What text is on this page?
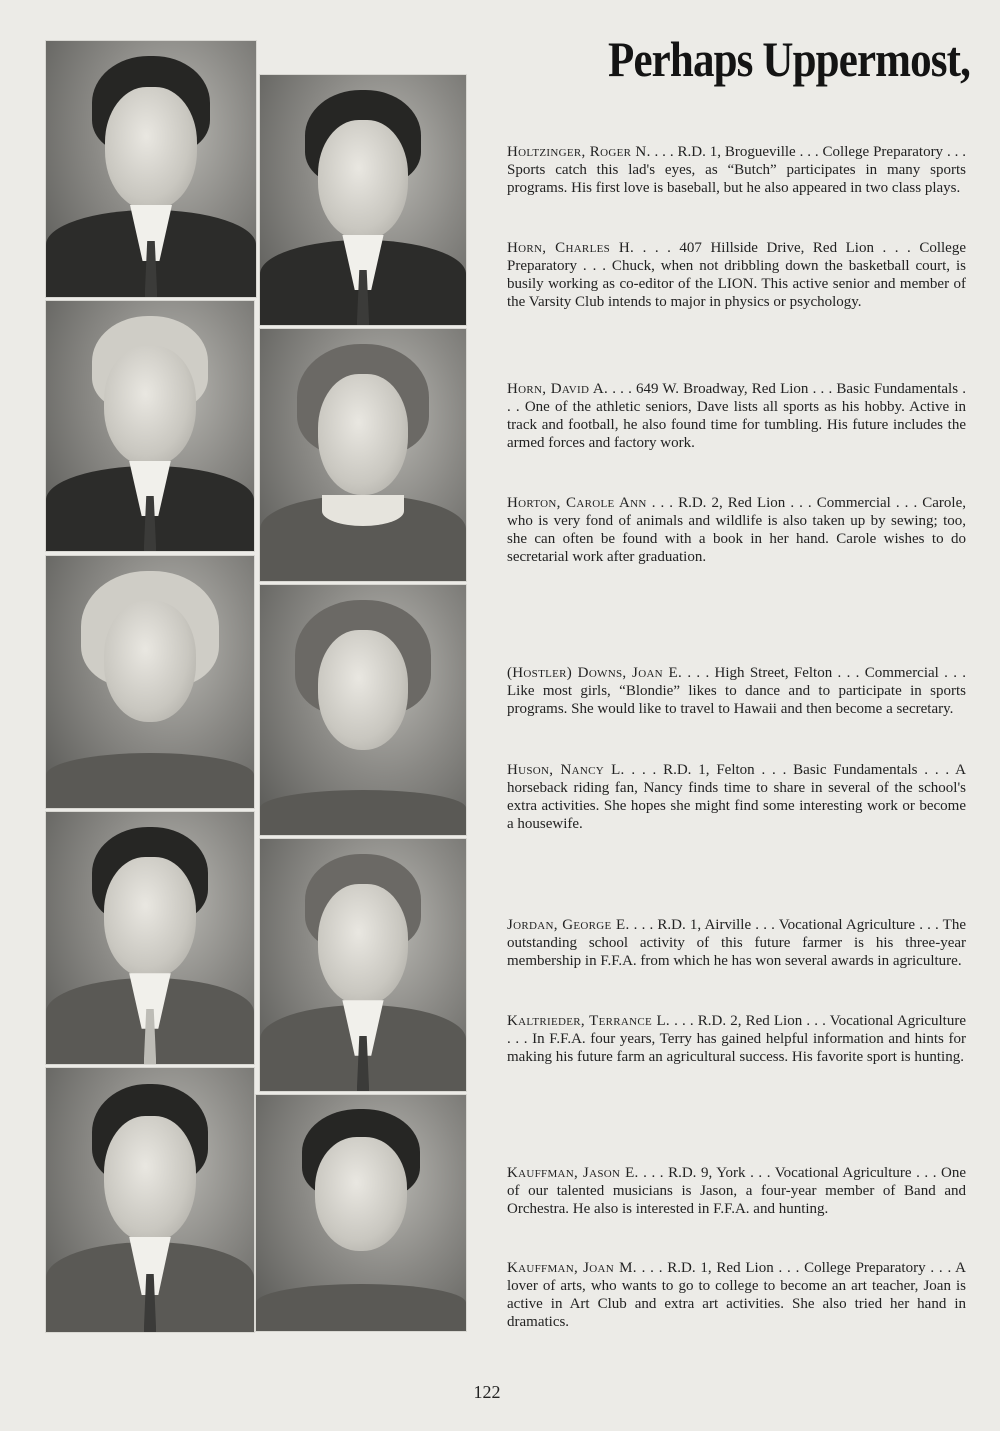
Perhaps Uppermost,
Holtzinger, Roger N. . . . R.D. 1, Brogueville . . . College Preparatory . . . Sports catch this lad's eyes, as “Butch” participates in many sports programs. His first love is baseball, but he also appeared in two class plays.
Horn, Charles H. . . . 407 Hillside Drive, Red Lion . . . College Preparatory . . . Chuck, when not dribbling down the basketball court, is busily working as co-editor of the LION. This active senior and member of the Varsity Club intends to major in physics or psychology.
Horn, David A. . . . 649 W. Broadway, Red Lion . . . Basic Fundamentals . . . One of the athletic seniors, Dave lists all sports as his hobby. Active in track and football, he also found time for tumbling. His future includes the armed forces and factory work.
Horton, Carole Ann . . . R.D. 2, Red Lion . . . Commercial . . . Carole, who is very fond of animals and wildlife is also taken up by sewing; too, she can often be found with a book in her hand. Carole wishes to do secretarial work after graduation.
(Hostler) Downs, Joan E. . . . High Street, Felton . . . Commercial . . . Like most girls, “Blondie” likes to dance and to participate in sports programs. She would like to travel to Hawaii and then become a secretary.
Huson, Nancy L. . . . R.D. 1, Felton . . . Basic Fundamentals . . . A horseback riding fan, Nancy finds time to share in several of the school's extra activities. She hopes she might find some interesting work or become a housewife.
Jordan, George E. . . . R.D. 1, Airville . . . Vocational Agriculture . . . The outstanding school activity of this future farmer is his three-year membership in F.F.A. from which he has won several awards in agriculture.
Kaltrieder, Terrance L. . . . R.D. 2, Red Lion . . . Vocational Agriculture . . . In F.F.A. four years, Terry has gained helpful information and hints for making his future farm an agricultural success. His favorite sport is hunting.
Kauffman, Jason E. . . . R.D. 9, York . . . Vocational Agriculture . . . One of our talented musicians is Jason, a four-year member of Band and Orchestra. He also is interested in F.F.A. and hunting.
Kauffman, Joan M. . . . R.D. 1, Red Lion . . . College Preparatory . . . A lover of arts, who wants to go to college to become an art teacher, Joan is active in Art Club and extra art activities. She also tried her hand in dramatics.
122
